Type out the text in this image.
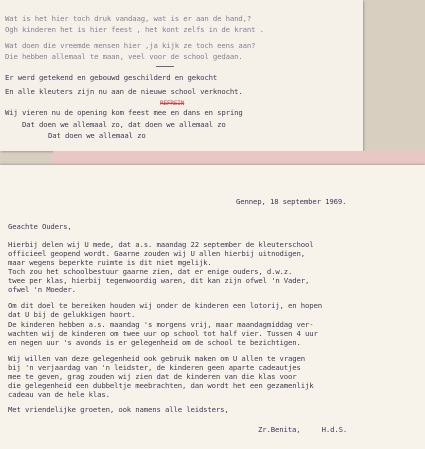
Wat is het hier toch druk vandaag, wat is er aan de hand,?
Ogh kinderen het is hier feest , het kont zelfs in de krant .
Wat doen die vreemde mensen hier ,ja kijk ze toch eens aan?
Die hebben allemaal te maan, veel voor de school gedaan.
Er werd getekend en gebouwd geschilderd en gekocht
En alle kleuters zijn nu aan de nieuwe school verknocht.
REFREIN
Wij vieren nu de opening kom feest mee en dans en spring
Dat doen we allemaal zo, dat doen we allemaal zo
Dat doen we allemaal zo
Gennep, 18 september 1969.
Geachte Ouders,
Hierbij delen wij U mede, dat a.s. maandag 22 september de kleuterschool
officieel geopend wordt. Gaarne zouden wij U allen hierbij uitnodigen,
maar wegens beperkte ruimte is dit niet mgelijk.
Toch zou het schoolbestuur gaarne zien, dat er enige ouders, d.w.z.
twee per klas, hierbij tegenwoordig waren, dit kan zijn ofwel 'n Vader,
ofwel 'n Moeder.
Om dit doel te bereiken houden wij onder de kinderen een lotorij, en hopen
dat U bij de gelukkigen hoort.
De kinderen hebben a.s. maandag 's morgens vrij, maar maandagmiddag ver-
wachten wij de kinderen om twee uur op school tot half vier. Tussen 4 uur
en negen uur 's avonds is er gelegenheid om de school te bezichtigen.
Wij willen van deze gelegenheid ook gebruik maken om U allen te vragen
bij 'n verjaardag van 'n leidster, de kinderen geen aparte cadeautjes
mee te geven, grag zouden wij zien dat de kinderen van die klas voor
die gelegenheid een dubbeltje meebrachten, dan wordt het een gezamenlijk
cadeau van de hele klas.
Met vriendelijke groeten, ook namens alle leidsters,
Zr.Benita,     H.d.S.
